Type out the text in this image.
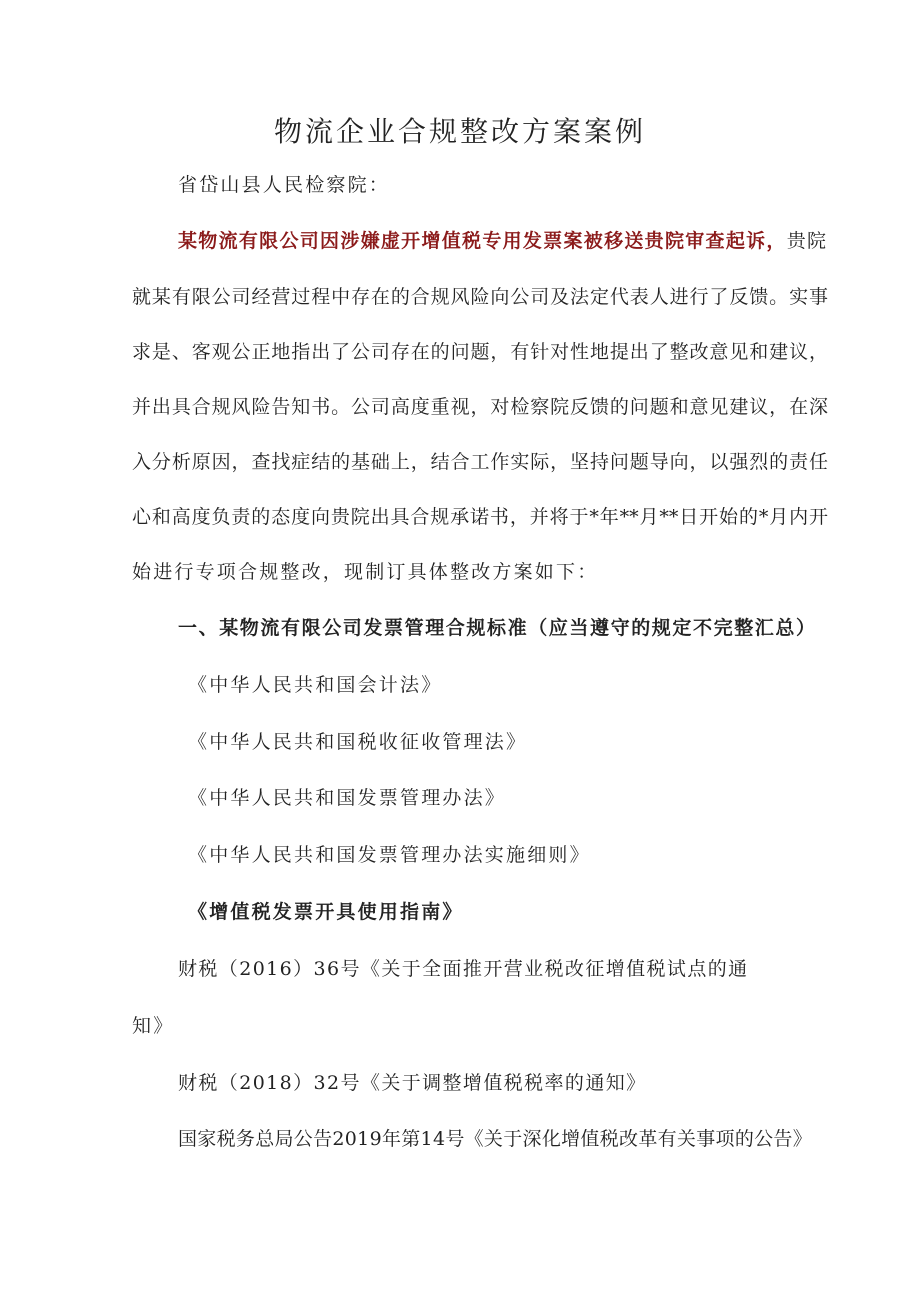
物流企业合规整改方案案例
省岱山县人民检察院：
某物流有限公司因涉嫌虚开增值税专用发票案被移送贵院审查起诉，贵院
就某有限公司经营过程中存在的合规风险向公司及法定代表人进行了反馈。实事
求是、客观公正地指出了公司存在的问题，有针对性地提出了整改意见和建议，
并出具合规风险告知书。公司高度重视，对检察院反馈的问题和意见建议，在深
入分析原因，查找症结的基础上，结合工作实际，坚持问题导向，以强烈的责任
心和高度负责的态度向贵院出具合规承诺书，并将于*年**月**日开始的*月内开
始进行专项合规整改，现制订具体整改方案如下：
一、某物流有限公司发票管理合规标准（应当遵守的规定不完整汇总）
《中华人民共和国会计法》
《中华人民共和国税收征收管理法》
《中华人民共和国发票管理办法》
《中华人民共和国发票管理办法实施细则》
《增值税发票开具使用指南》
财税（2016）36号《关于全面推开营业税改征增值税试点的通
知》
财税（2018）32号《关于调整增值税税率的通知》
国家税务总局公告2019年第14号《关于深化增值税改革有关事项的公告》
